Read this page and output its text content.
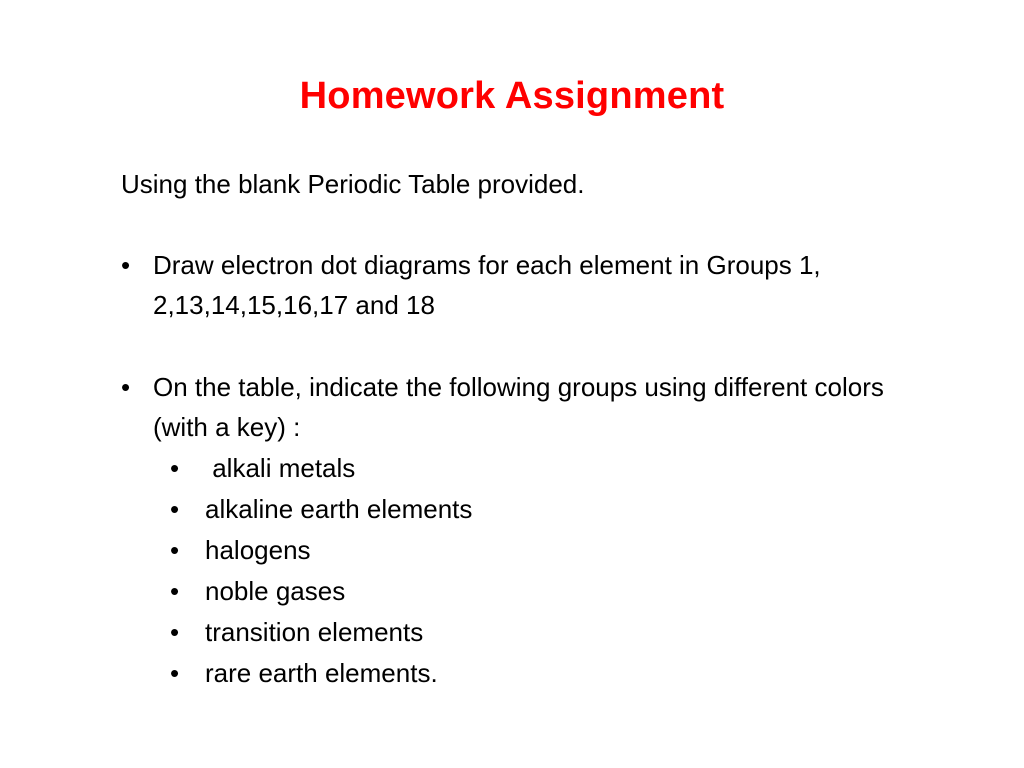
Homework Assignment
Using the blank Periodic Table provided.
• Draw electron dot diagrams for each element in Groups 1, 2,13,14,15,16,17 and 18
• On the table, indicate the following groups using different colors (with a key) :
• alkali metals
• alkaline earth elements
• halogens
• noble gases
• transition elements
• rare earth elements.
